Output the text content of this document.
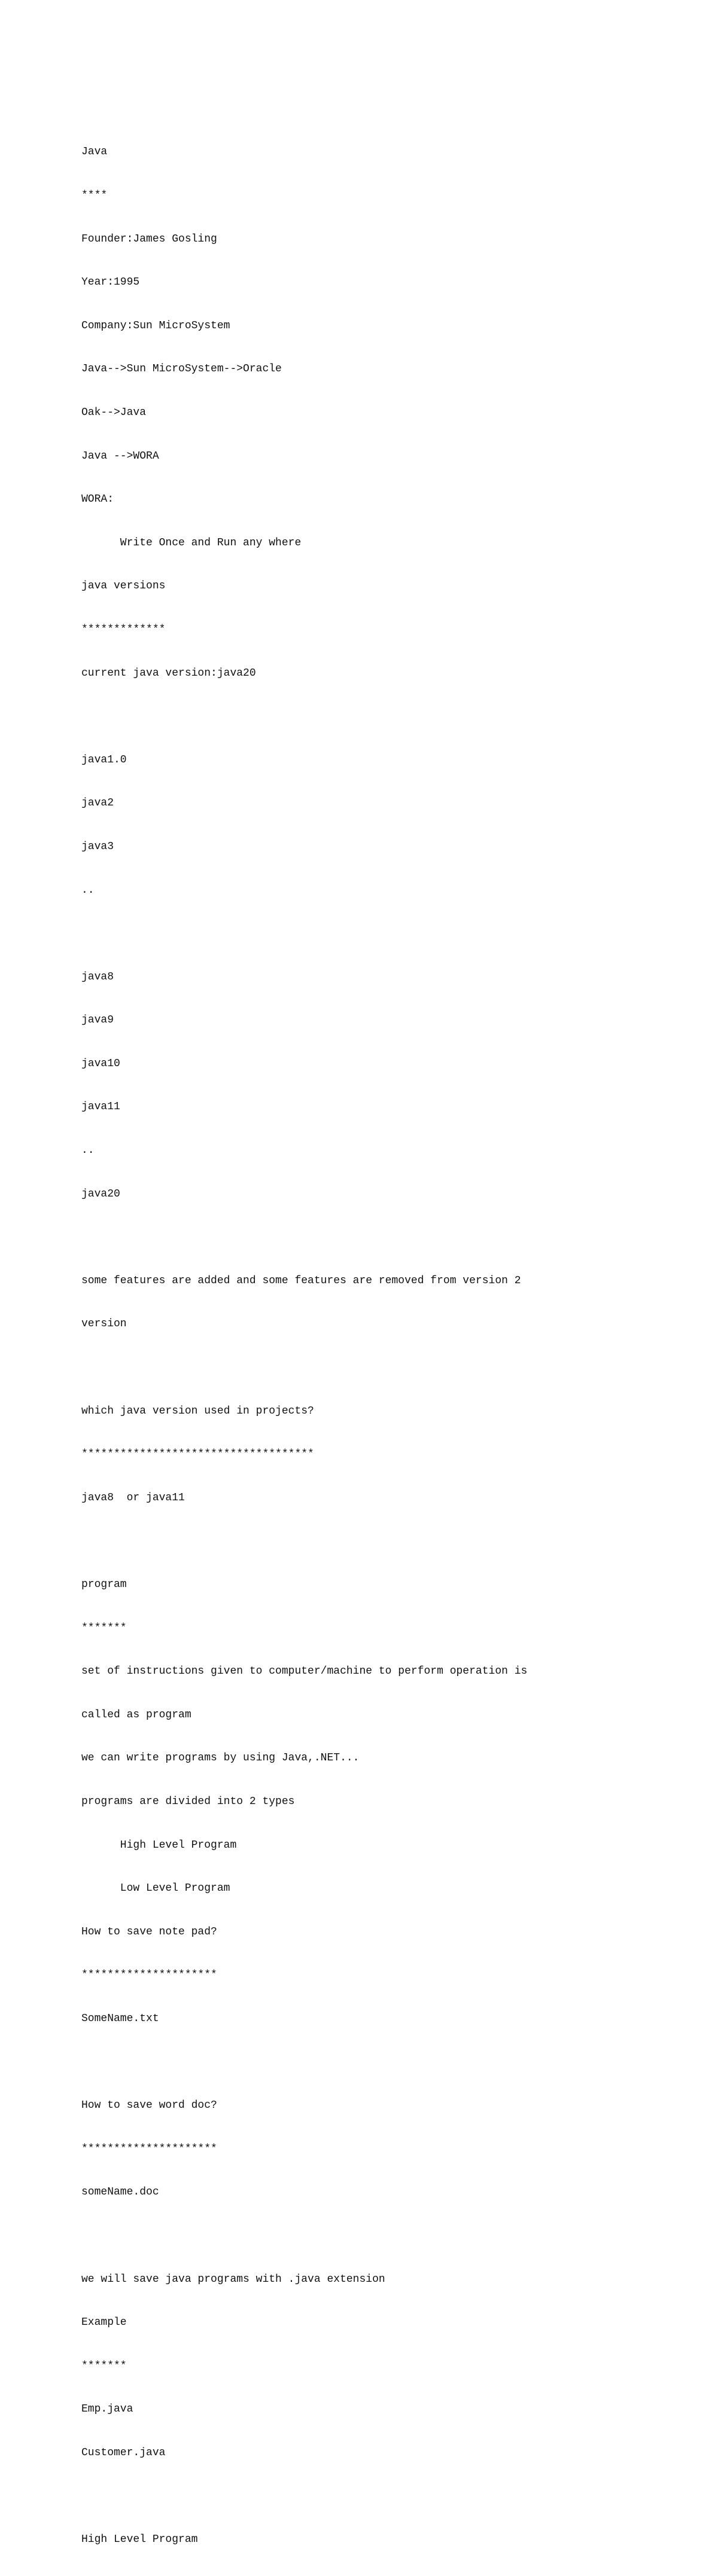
Java

****

Founder:James Gosling

Year:1995

Company:Sun MicroSystem

Java-->Sun MicroSystem-->Oracle

Oak-->Java

Java -->WORA

WORA:

Write Once and Run any where

java versions

*************

current java version:java20

java1.0

java2

java3

..

java8

java9

java10

java11

..

java20

some features are added and some features are removed from version 2

version

which java version used in projects?

************************************

java8  or java11

program

*******

set of instructions given to computer/machine to perform operation is

called as program

we can write programs by using Java,.NET...

programs are divided into 2 types

High Level Program

Low Level Program

How to save note pad?

*********************

SomeName.txt

How to save word doc?

*********************

someName.doc

we will save java programs with .java extension

Example

*******

Emp.java

Customer.java

High Level Program
